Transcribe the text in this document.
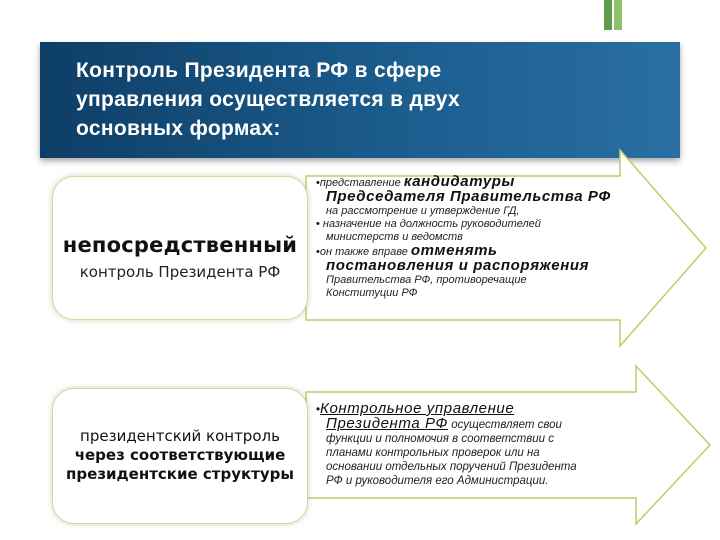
Контроль Президента РФ в сфере
управления осуществляется в двух
основных формах:
непосредственный
контроль Президента РФ
президентский контроль
через соответствующие
президентские структуры
•представление кандидатуры
Председателя Правительства РФ
на рассмотрение и утверждение ГД,
• назначение на должность руководителей
министерств и ведомств
•он также вправе отменять
постановления и распоряжения
Правительства РФ, противоречащие
Конституции РФ
•Контрольное управление
Президента РФ осуществляет свои
функции и полномочия в соответствии с
планами контрольных проверок или на
основании отдельных поручений Президента
РФ и руководителя его Администрации.
